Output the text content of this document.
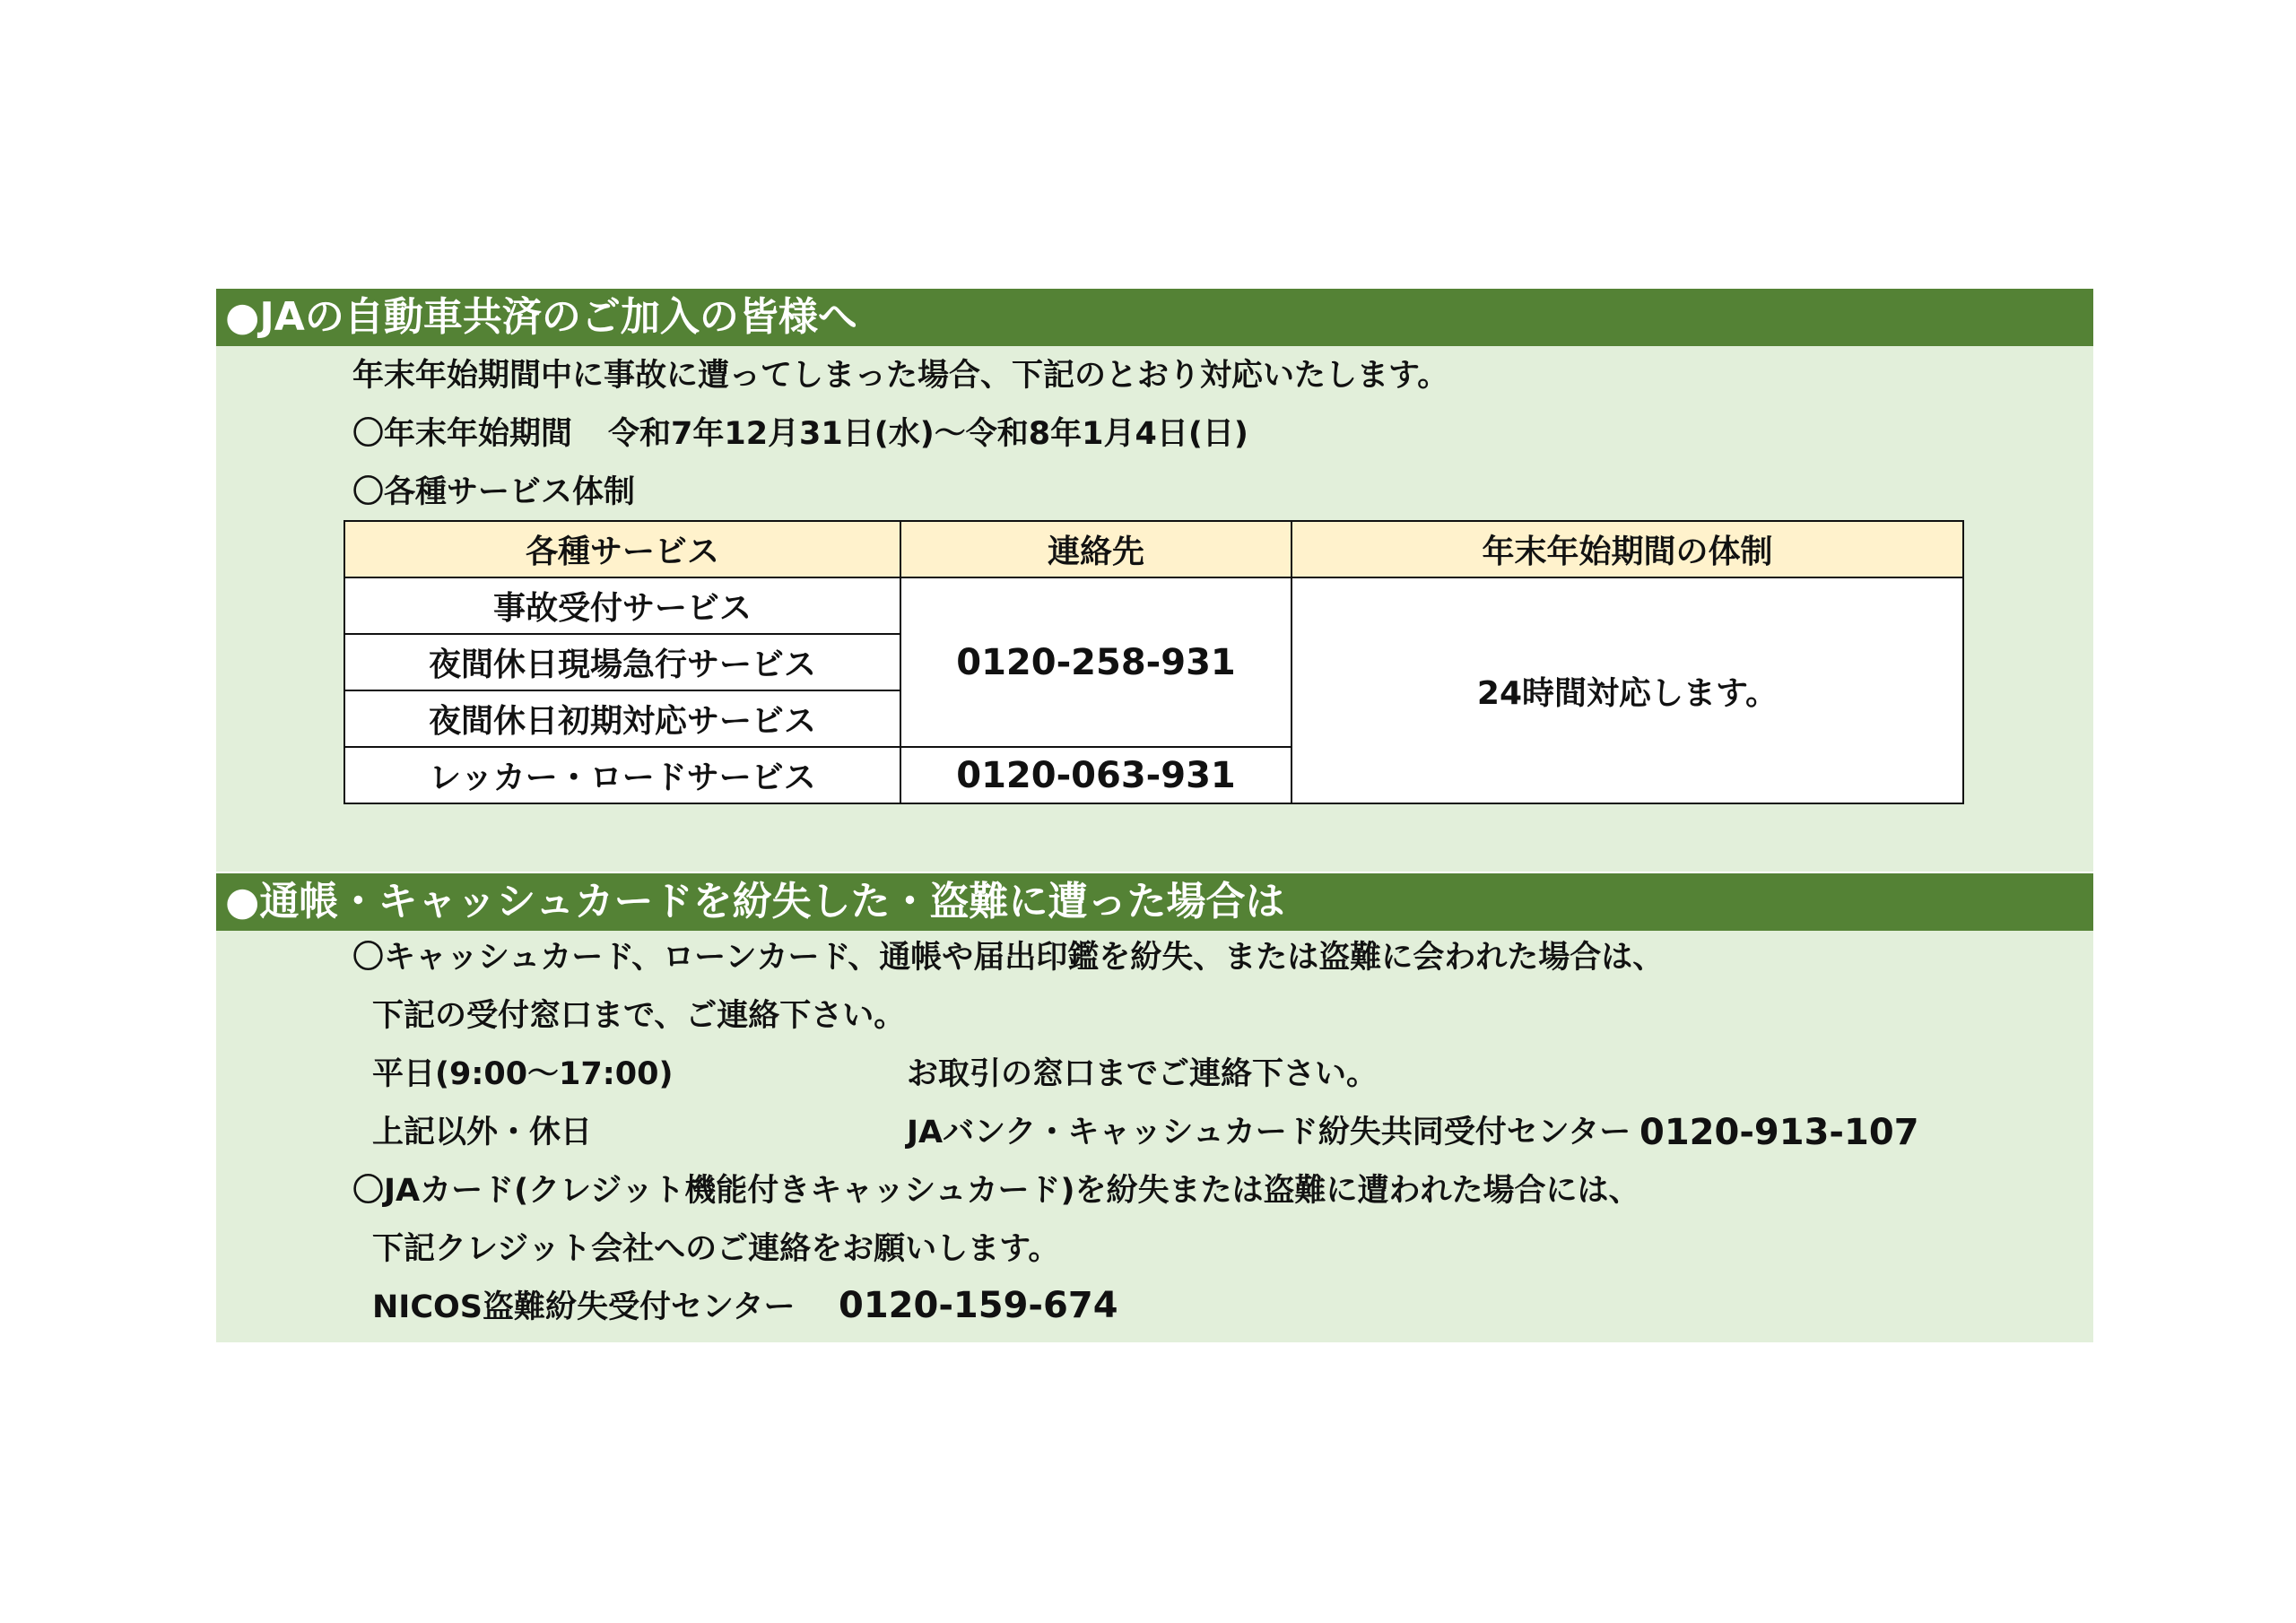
●JAの自動車共済のご加入の皆様へ
年末年始期間中に事故に遭ってしまった場合、下記のとおり対応いたします。
〇年末年始期間 令和7年12月31日(水)～令和8年1月4日(日)
〇各種サービス体制
各種サービス	連絡先	年末年始期間の体制
事故受付サービス	0120-258-931	24時間対応します。
夜間休日現場急行サービス		
夜間休日初期対応サービス		
レッカー・ロードサービス	0120-063-931	
●通帳・キャッシュカードを紛失した・盗難に遭った場合は
〇キャッシュカード、ローンカード、通帳や届出印鑑を紛失、または盗難に会われた場合は、
下記の受付窓口まで、ご連絡下さい。
平日(9:00～17:00)	お取引の窓口までご連絡下さい。
上記以外・休日	JAバンク・キャッシュカード紛失共同受付センター 0120-913-107
〇JAカード(クレジット機能付きキャッシュカード)を紛失または盗難に遭われた場合には、
下記クレジット会社へのご連絡をお願いします。
NICOS盗難紛失受付センター 0120-159-674
